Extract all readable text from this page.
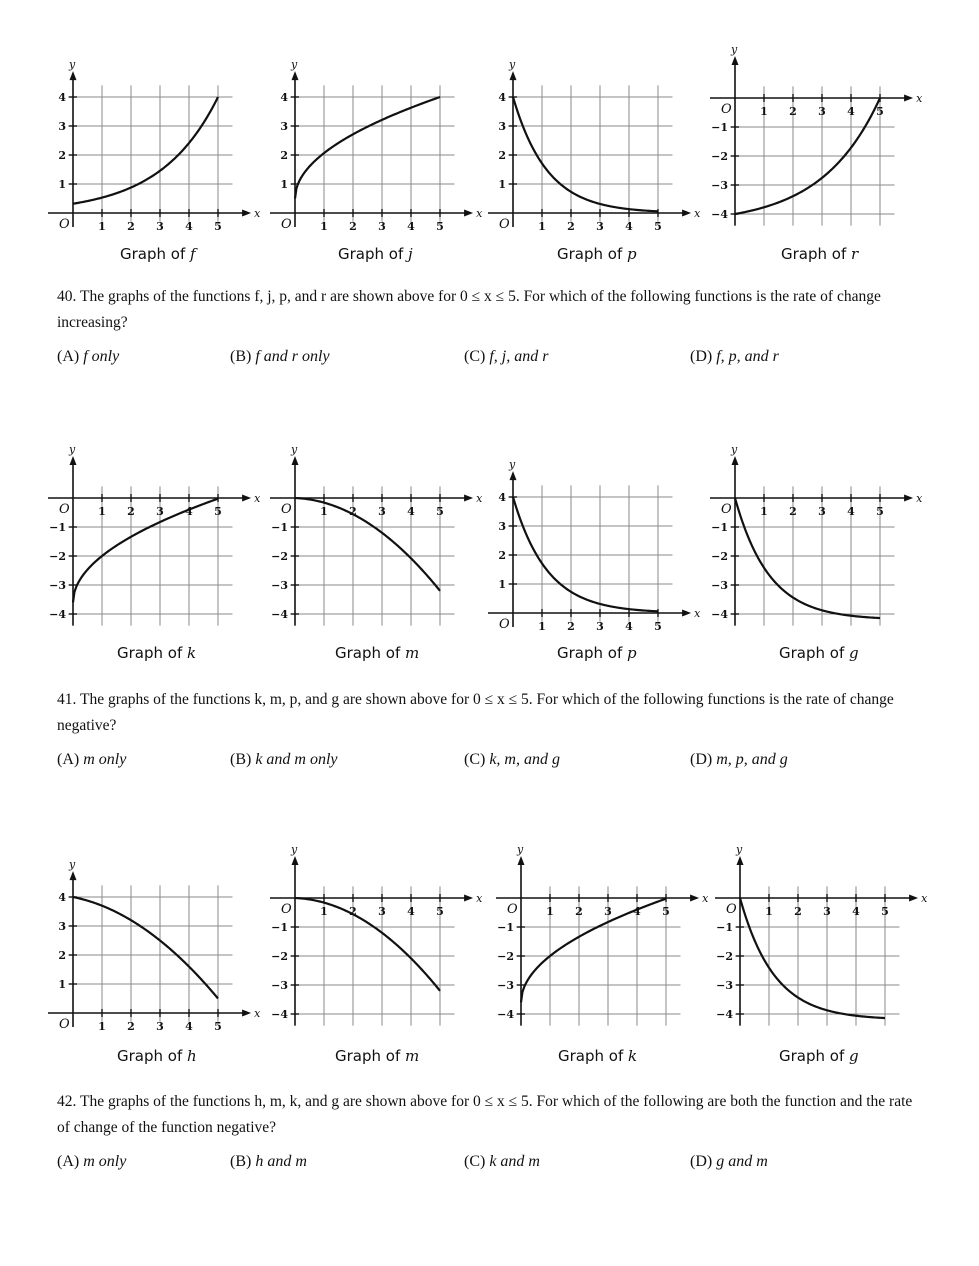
x
y
1 2 3 4 5
1
2
3
4
O
x
y
1 2 3 4 5
1
2
3
4
O
x
y
1 2 3 4 5
1
2
3
4
O
x
y
1 2 3 4 5
−4
−3
−2
−1
O
Graph of f	Graph of j	Graph of p	Graph of r
40. The graphs of the functions f, j, p, and r are shown above for 0 ≤ x ≤ 5. For which of the following functions is the rate of change increasing?
(A) f only	(B) f and r only	(C) f, j, and r	(D) f, p, and r
x
y
1 2 3 4 5
−4
−3
−2
−1
O
x
y
1 2 3 4 5
−4
−3
−2
−1
O
x
y
1 2 3 4 5
1
2
3
4
O
x
y
1 2 3 4 5
−4
−3
−2
−1
O
Graph of k	Graph of m	Graph of p	Graph of g
41. The graphs of the functions k, m, p, and g are shown above for 0 ≤ x ≤ 5. For which of the following functions is the rate of change negative?
(A) m only	(B) k and m only	(C) k, m, and g	(D) m, p, and g
x
y
1 2 3 4 5
1
2
3
4
O
x
y
1 2 3 4 5
−4
−3
−2
−1
O
x
y
1 2 3 4 5
−4
−3
−2
−1
O
x
y
1 2 3 4 5
−4
−3
−2
−1
O
Graph of h	Graph of m	Graph of k	Graph of g
42. The graphs of the functions h, m, k, and g are shown above for 0 ≤ x ≤ 5. For which of the following are both the function and the rate of change of the function negative?
(A) m only	(B) h and m	(C) k and m	(D) g and m
